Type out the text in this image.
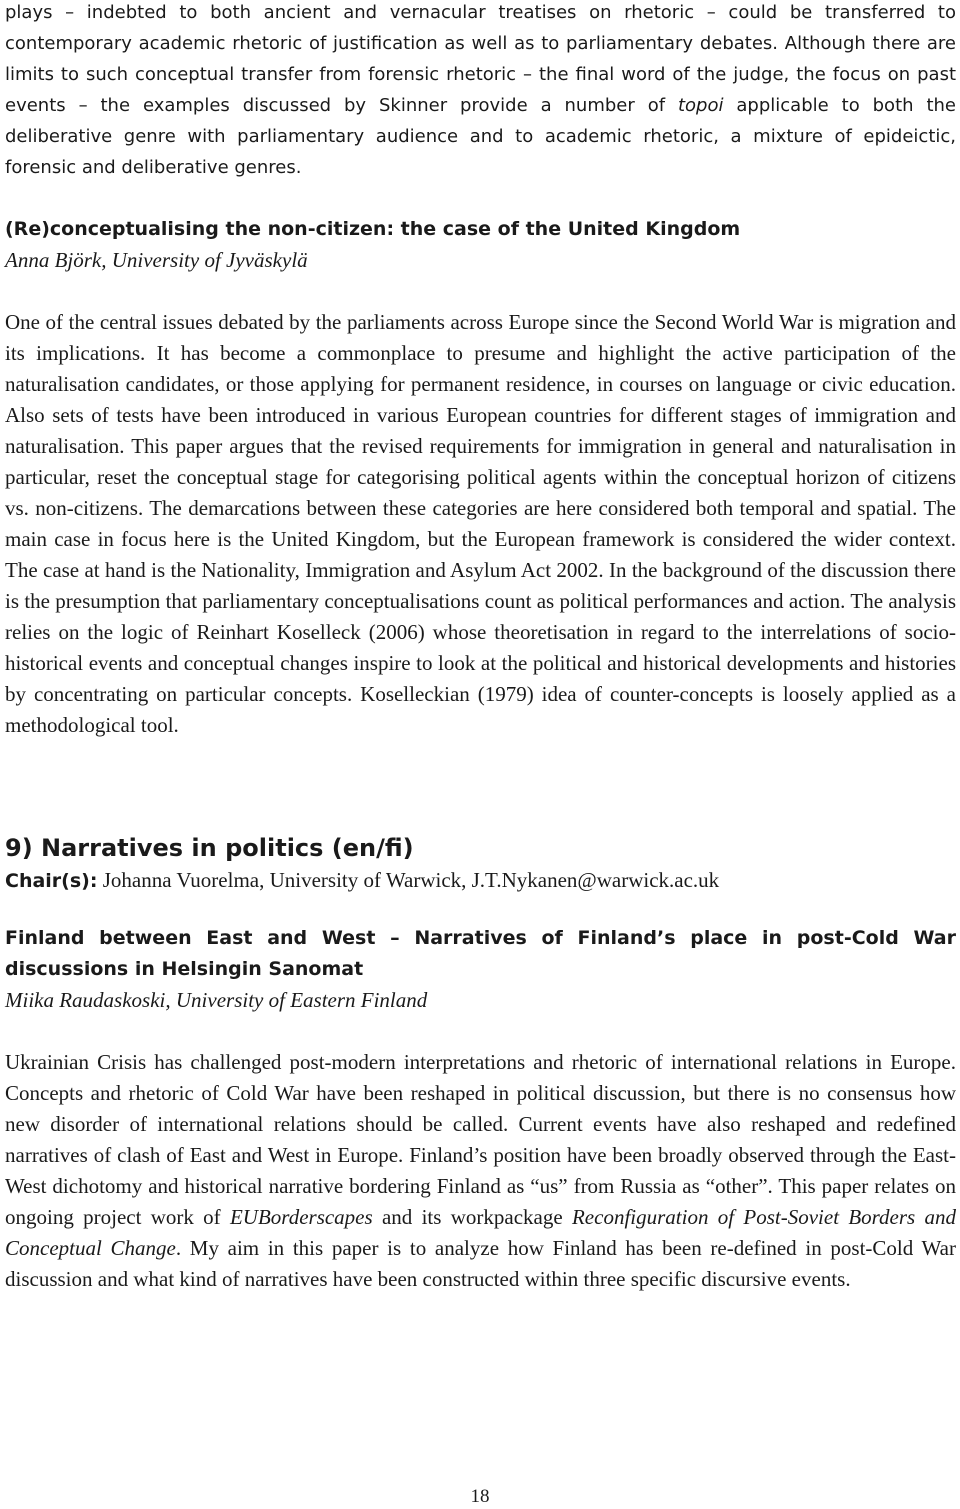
plays – indebted to both ancient and vernacular treatises on rhetoric – could be transferred to contemporary academic rhetoric of justification as well as to parliamentary debates. Although there are limits to such conceptual transfer from forensic rhetoric – the final word of the judge, the focus on past events – the examples discussed by Skinner provide a number of topoi applicable to both the deliberative genre with parliamentary audience and to academic rhetoric, a mixture of epideictic, forensic and deliberative genres.

(Re)conceptualising the non-citizen: the case of the United Kingdom

Anna Björk, University of Jyväskylä

One of the central issues debated by the parliaments across Europe since the Second World War is migration and its implications. It has become a commonplace to presume and highlight the active participation of the naturalisation candidates, or those applying for permanent residence, in courses on language or civic education. Also sets of tests have been introduced in various European countries for different stages of immigration and naturalisation. This paper argues that the revised requirements for immigration in general and naturalisation in particular, reset the conceptual stage for categorising political agents within the conceptual horizon of citizens vs. non-citizens. The demarcations between these categories are here considered both temporal and spatial. The main case in focus here is the United Kingdom, but the European framework is considered the wider context. The case at hand is the Nationality, Immigration and Asylum Act 2002. In the background of the discussion there is the presumption that parliamentary conceptualisations count as political performances and action. The analysis relies on the logic of Reinhart Koselleck (2006) whose theoretisation in regard to the interrelations of socio-historical events and conceptual changes inspire to look at the political and historical developments and histories by concentrating on particular concepts. Koselleckian (1979) idea of counter-concepts is loosely applied as a methodological tool.

9) Narratives in politics (en/fi)

Chair(s): Johanna Vuorelma, University of Warwick, J.T.Nykanen@warwick.ac.uk

Finland between East and West – Narratives of Finland’s place in post-Cold War discussions in Helsingin Sanomat

Miika Raudaskoski, University of Eastern Finland

Ukrainian Crisis has challenged post-modern interpretations and rhetoric of international relations in Europe. Concepts and rhetoric of Cold War have been reshaped in political discussion, but there is no consensus how new disorder of international relations should be called. Current events have also reshaped and redefined narratives of clash of East and West in Europe. Finland’s position have been broadly observed through the East-West dichotomy and historical narrative bordering Finland as “us” from Russia as “other”. This paper relates on ongoing project work of EUBorderscapes and its workpackage Reconfiguration of Post-Soviet Borders and Conceptual Change. My aim in this paper is to analyze how Finland has been re-defined in post-Cold War discussion and what kind of narratives have been constructed within three specific discursive events.

18
